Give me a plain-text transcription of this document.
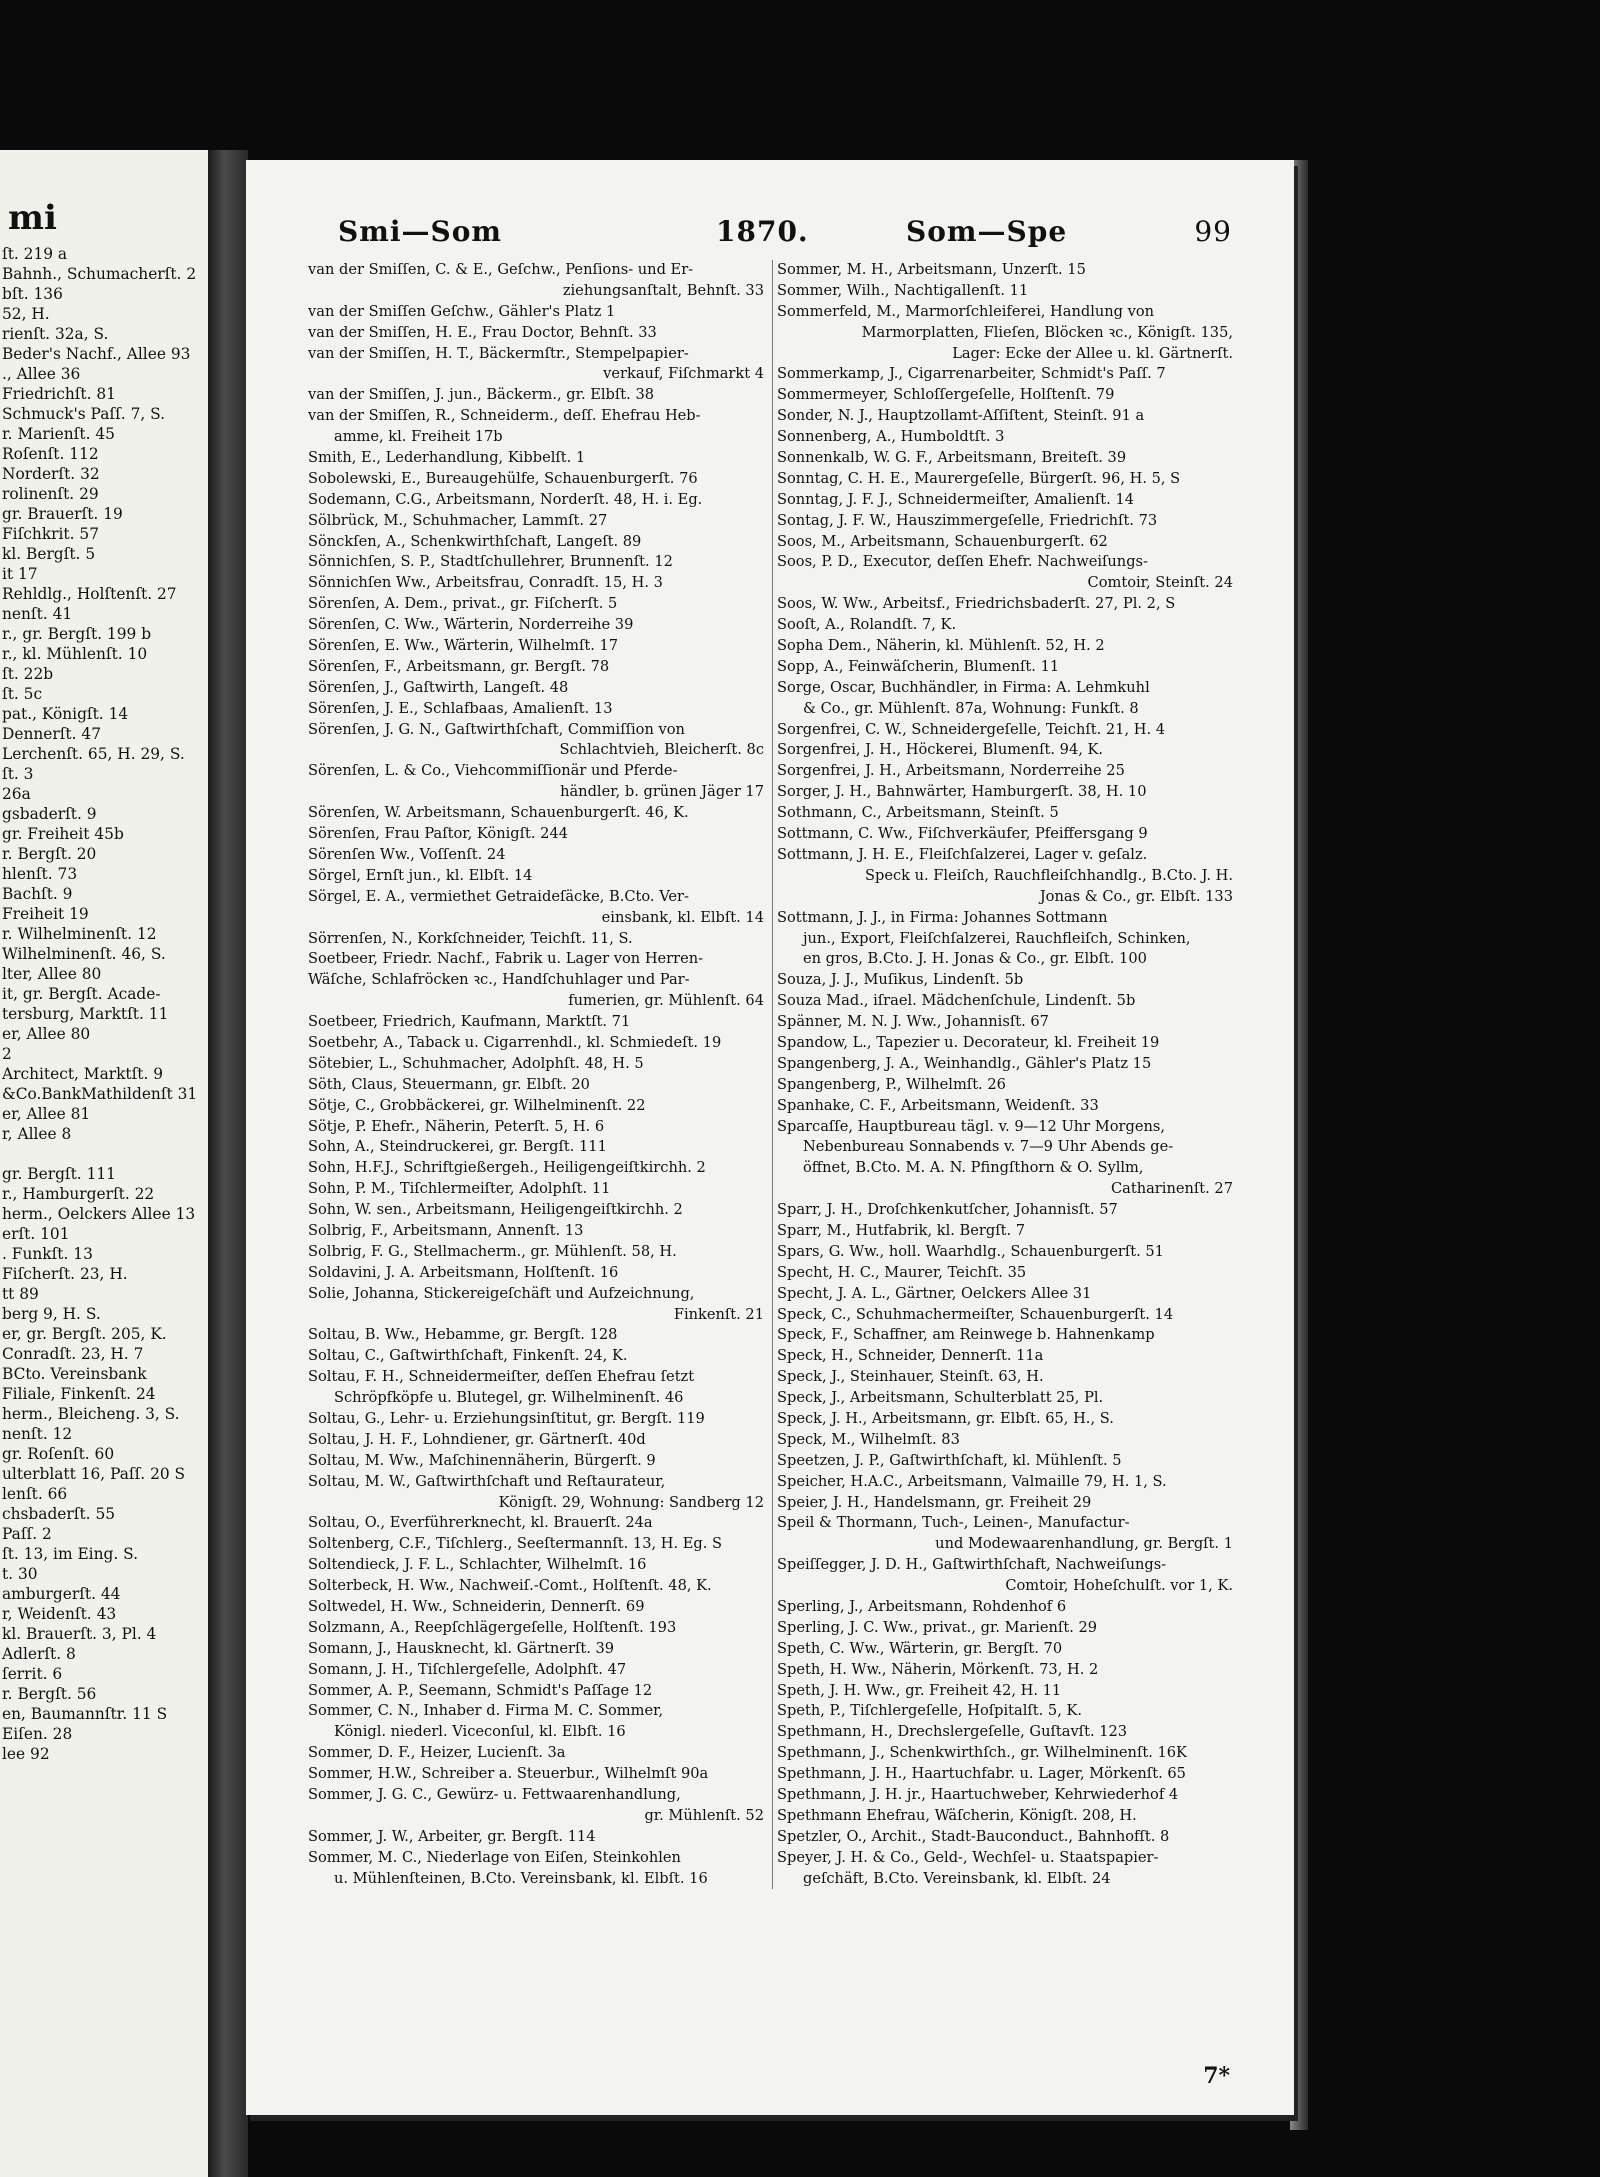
mi
ſt. 219 a
Bahnh., Schumacherſt. 2
bſt. 136
52, H.
rienſt. 32a, S.
Beder's Nachf., Allee 93
., Allee 36
Friedrichſt. 81
Schmuck's Paſſ. 7, S.
r. Marienſt. 45
Roſenſt. 112
Norderſt. 32
rolinenſt. 29
gr. Brauerſt. 19
Fiſchkrit. 57
kl. Bergſt. 5
it 17
Rehldlg., Holſtenſt. 27
nenſt. 41
r., gr. Bergſt. 199 b
r., kl. Mühlenſt. 10
ſt. 22b
ſt. 5c
pat., Königſt. 14
Dennerſt. 47
Lerchenſt. 65, H. 29, S.
ſt. 3
26a
gsbaderſt. 9
gr. Freiheit 45b
r. Bergſt. 20
hlenſt. 73
Bachſt. 9
Freiheit 19
r. Wilhelminenſt. 12
Wilhelminenſt. 46, S.
lter, Allee 80
it, gr. Bergſt. Acade-
tersburg, Marktſt. 11
er, Allee 80
2
Architect, Marktſt. 9
&Co.BankMathildenſt 31
er, Allee 81
r, Allee 8

gr. Bergſt. 111
r., Hamburgerſt. 22
herm., Oelckers Allee 13
erſt. 101
. Funkſt. 13
Fiſcherſt. 23, H.
tt 89
berg 9, H. S.
er, gr. Bergſt. 205, K.
Conradſt. 23, H. 7
BCto. Vereinsbank
Filiale, Finkenſt. 24
herm., Bleicheng. 3, S.
nenſt. 12
gr. Roſenſt. 60
ulterblatt 16, Paſſ. 20 S
lenſt. 66
chsbaderſt. 55
Paſſ. 2
ſt. 13, im Eing. S.
t. 30
amburgerſt. 44
r, Weidenſt. 43
kl. Brauerſt. 3, Pl. 4
Adlerſt. 8
ſerrit. 6
r. Bergſt. 56
en, Baumannſtr. 11 S
Eiſen. 28
lee 92
Smi—Som	1870.	Som—Spe	99
van der Smiſſen, C. & E., Geſchw., Penſions- und Er-
ziehungsanſtalt, Behnſt. 33
van der Smiſſen Geſchw., Gähler's Platz 1
van der Smiſſen, H. E., Frau Doctor, Behnſt. 33
van der Smiſſen, H. T., Bäckermſtr., Stempelpapier-
verkauf, Fiſchmarkt 4
van der Smiſſen, J. jun., Bäckerm., gr. Elbſt. 38
van der Smiſſen, R., Schneiderm., deſſ. Ehefrau Heb-
amme, kl. Freiheit 17b
Smith, E., Lederhandlung, Kibbelſt. 1
Sobolewski, E., Bureaugehülfe, Schauenburgerſt. 76
Sodemann, C.G., Arbeitsmann, Norderſt. 48, H. i. Eg.
Sölbrück, M., Schuhmacher, Lammſt. 27
Sönckſen, A., Schenkwirthſchaft, Langeſt. 89
Sönnichſen, S. P., Stadtſchullehrer, Brunnenſt. 12
Sönnichſen Ww., Arbeitsfrau, Conradſt. 15, H. 3
Sörenſen, A. Dem., privat., gr. Fiſcherſt. 5
Sörenſen, C. Ww., Wärterin, Norderreihe 39
Sörenſen, E. Ww., Wärterin, Wilhelmſt. 17
Sörenſen, F., Arbeitsmann, gr. Bergſt. 78
Sörenſen, J., Gaſtwirth, Langeſt. 48
Sörenſen, J. E., Schlafbaas, Amalienſt. 13
Sörenſen, J. G. N., Gaſtwirthſchaft, Commiſſion von
Schlachtvieh, Bleicherſt. 8c
Sörenſen, L. & Co., Viehcommiſſionär und Pferde-
händler, b. grünen Jäger 17
Sörenſen, W. Arbeitsmann, Schauenburgerſt. 46, K.
Sörenſen, Frau Paſtor, Königſt. 244
Sörenſen Ww., Voſſenſt. 24
Sörgel, Ernſt jun., kl. Elbſt. 14
Sörgel, E. A., vermiethet Getraideſäcke, B.Cto. Ver-
einsbank, kl. Elbſt. 14
Sörrenſen, N., Korkſchneider, Teichſt. 11, S.
Soetbeer, Friedr. Nachf., Fabrik u. Lager von Herren-
Wäſche, Schlafröcken ꝛc., Handſchuhlager und Par-
fumerien, gr. Mühlenſt. 64
Soetbeer, Friedrich, Kaufmann, Marktſt. 71
Soetbehr, A., Taback u. Cigarrenhdl., kl. Schmiedeſt. 19
Sötebier, L., Schuhmacher, Adolphſt. 48, H. 5
Söth, Claus, Steuermann, gr. Elbſt. 20
Sötje, C., Grobbäckerei, gr. Wilhelminenſt. 22
Sötje, P. Ehefr., Näherin, Peterſt. 5, H. 6
Sohn, A., Steindruckerei, gr. Bergſt. 111
Sohn, H.F.J., Schriftgießergeh., Heiligengeiſtkirchh. 2
Sohn, P. M., Tiſchlermeiſter, Adolphſt. 11
Sohn, W. sen., Arbeitsmann, Heiligengeiſtkirchh. 2
Solbrig, F., Arbeitsmann, Annenſt. 13
Solbrig, F. G., Stellmacherm., gr. Mühlenſt. 58, H.
Soldavini, J. A. Arbeitsmann, Holſtenſt. 16
Solie, Johanna, Stickereigeſchäft und Aufzeichnung,
Finkenſt. 21
Soltau, B. Ww., Hebamme, gr. Bergſt. 128
Soltau, C., Gaſtwirthſchaft, Finkenſt. 24, K.
Soltau, F. H., Schneidermeiſter, deſſen Ehefrau ſetzt
Schröpfköpfe u. Blutegel, gr. Wilhelminenſt. 46
Soltau, G., Lehr- u. Erziehungsinſtitut, gr. Bergſt. 119
Soltau, J. H. F., Lohndiener, gr. Gärtnerſt. 40d
Soltau, M. Ww., Maſchinennäherin, Bürgerſt. 9
Soltau, M. W., Gaſtwirthſchaft und Reſtaurateur,
Königſt. 29, Wohnung: Sandberg 12
Soltau, O., Everführerknecht, kl. Brauerſt. 24a
Soltenberg, C.F., Tiſchlerg., Seeſtermannſt. 13, H. Eg. S
Soltendieck, J. F. L., Schlachter, Wilhelmſt. 16
Solterbeck, H. Ww., Nachweiſ.-Comt., Holſtenſt. 48, K.
Soltwedel, H. Ww., Schneiderin, Dennerſt. 69
Solzmann, A., Reepſchlägergeſelle, Holſtenſt. 193
Somann, J., Hausknecht, kl. Gärtnerſt. 39
Somann, J. H., Tiſchlergeſelle, Adolphſt. 47
Sommer, A. P., Seemann, Schmidt's Paſſage 12
Sommer, C. N., Inhaber d. Firma M. C. Sommer,
Königl. niederl. Viceconſul, kl. Elbſt. 16
Sommer, D. F., Heizer, Lucienſt. 3a
Sommer, H.W., Schreiber a. Steuerbur., Wilhelmſt 90a
Sommer, J. G. C., Gewürz- u. Fettwaarenhandlung,
gr. Mühlenſt. 52
Sommer, J. W., Arbeiter, gr. Bergſt. 114
Sommer, M. C., Niederlage von Eiſen, Steinkohlen
u. Mühlenſteinen, B.Cto. Vereinsbank, kl. Elbſt. 16
Sommer, M. H., Arbeitsmann, Unzerſt. 15
Sommer, Wilh., Nachtigallenſt. 11
Sommerfeld, M., Marmorſchleiferei, Handlung von
Marmorplatten, Flieſen, Blöcken ꝛc., Königſt. 135,
Lager: Ecke der Allee u. kl. Gärtnerſt.
Sommerkamp, J., Cigarrenarbeiter, Schmidt's Paſſ. 7
Sommermeyer, Schloſſergeſelle, Holſtenſt. 79
Sonder, N. J., Hauptzollamt-Aſſiſtent, Steinſt. 91 a
Sonnenberg, A., Humboldtſt. 3
Sonnenkalb, W. G. F., Arbeitsmann, Breiteſt. 39
Sonntag, C. H. E., Maurergeſelle, Bürgerſt. 96, H. 5, S
Sonntag, J. F. J., Schneidermeiſter, Amalienſt. 14
Sontag, J. F. W., Hauszimmergeſelle, Friedrichſt. 73
Soos, M., Arbeitsmann, Schauenburgerſt. 62
Soos, P. D., Executor, deſſen Ehefr. Nachweiſungs-
Comtoir, Steinſt. 24
Soos, W. Ww., Arbeitsf., Friedrichsbaderſt. 27, Pl. 2, S
Sooſt, A., Rolandſt. 7, K.
Sopha Dem., Näherin, kl. Mühlenſt. 52, H. 2
Sopp, A., Feinwäſcherin, Blumenſt. 11
Sorge, Oscar, Buchhändler, in Firma: A. Lehmkuhl
& Co., gr. Mühlenſt. 87a, Wohnung: Funkſt. 8
Sorgenfrei, C. W., Schneidergeſelle, Teichſt. 21, H. 4
Sorgenfrei, J. H., Höckerei, Blumenſt. 94, K.
Sorgenfrei, J. H., Arbeitsmann, Norderreihe 25
Sorger, J. H., Bahnwärter, Hamburgerſt. 38, H. 10
Sothmann, C., Arbeitsmann, Steinſt. 5
Sottmann, C. Ww., Fiſchverkäufer, Pfeiffersgang 9
Sottmann, J. H. E., Fleiſchſalzerei, Lager v. geſalz.
Speck u. Fleiſch, Rauchfleiſchhandlg., B.Cto. J. H.
Jonas & Co., gr. Elbſt. 133
Sottmann, J. J., in Firma: Johannes Sottmann
jun., Export, Fleiſchſalzerei, Rauchfleiſch, Schinken,
en gros, B.Cto. J. H. Jonas & Co., gr. Elbſt. 100
Souza, J. J., Muſikus, Lindenſt. 5b
Souza Mad., iſrael. Mädchenſchule, Lindenſt. 5b
Spänner, M. N. J. Ww., Johannisſt. 67
Spandow, L., Tapezier u. Decorateur, kl. Freiheit 19
Spangenberg, J. A., Weinhandlg., Gähler's Platz 15
Spangenberg, P., Wilhelmſt. 26
Spanhake, C. F., Arbeitsmann, Weidenſt. 33
Sparcaſſe, Hauptbureau tägl. v. 9—12 Uhr Morgens,
Nebenbureau Sonnabends v. 7—9 Uhr Abends ge-
öffnet, B.Cto. M. A. N. Pfingſthorn & O. Syllm,
Catharinenſt. 27
Sparr, J. H., Droſchkenkutſcher, Johannisſt. 57
Sparr, M., Hutfabrik, kl. Bergſt. 7
Spars, G. Ww., holl. Waarhdlg., Schauenburgerſt. 51
Specht, H. C., Maurer, Teichſt. 35
Specht, J. A. L., Gärtner, Oelckers Allee 31
Speck, C., Schuhmachermeiſter, Schauenburgerſt. 14
Speck, F., Schaffner, am Reinwege b. Hahnenkamp
Speck, H., Schneider, Dennerſt. 11a
Speck, J., Steinhauer, Steinſt. 63, H.
Speck, J., Arbeitsmann, Schulterblatt 25, Pl.
Speck, J. H., Arbeitsmann, gr. Elbſt. 65, H., S.
Speck, M., Wilhelmſt. 83
Speetzen, J. P., Gaſtwirthſchaft, kl. Mühlenſt. 5
Speicher, H.A.C., Arbeitsmann, Valmaille 79, H. 1, S.
Speier, J. H., Handelsmann, gr. Freiheit 29
Speil & Thormann, Tuch-, Leinen-, Manufactur-
und Modewaarenhandlung, gr. Bergſt. 1
Speiſſegger, J. D. H., Gaſtwirthſchaft, Nachweiſungs-
Comtoir, Hoheſchulſt. vor 1, K.
Sperling, J., Arbeitsmann, Rohdenhof 6
Sperling, J. C. Ww., privat., gr. Marienſt. 29
Speth, C. Ww., Wärterin, gr. Bergſt. 70
Speth, H. Ww., Näherin, Mörkenſt. 73, H. 2
Speth, J. H. Ww., gr. Freiheit 42, H. 11
Speth, P., Tiſchlergeſelle, Hoſpitalſt. 5, K.
Spethmann, H., Drechslergeſelle, Guſtavſt. 123
Spethmann, J., Schenkwirthſch., gr. Wilhelminenſt. 16K
Spethmann, J. H., Haartuchfabr. u. Lager, Mörkenſt. 65
Spethmann, J. H. jr., Haartuchweber, Kehrwiederhof 4
Spethmann Ehefrau, Wäſcherin, Königſt. 208, H.
Spetzler, O., Archit., Stadt-Bauconduct., Bahnhofſt. 8
Speyer, J. H. & Co., Geld-, Wechſel- u. Staatspapier-
geſchäft, B.Cto. Vereinsbank, kl. Elbſt. 24
7*
